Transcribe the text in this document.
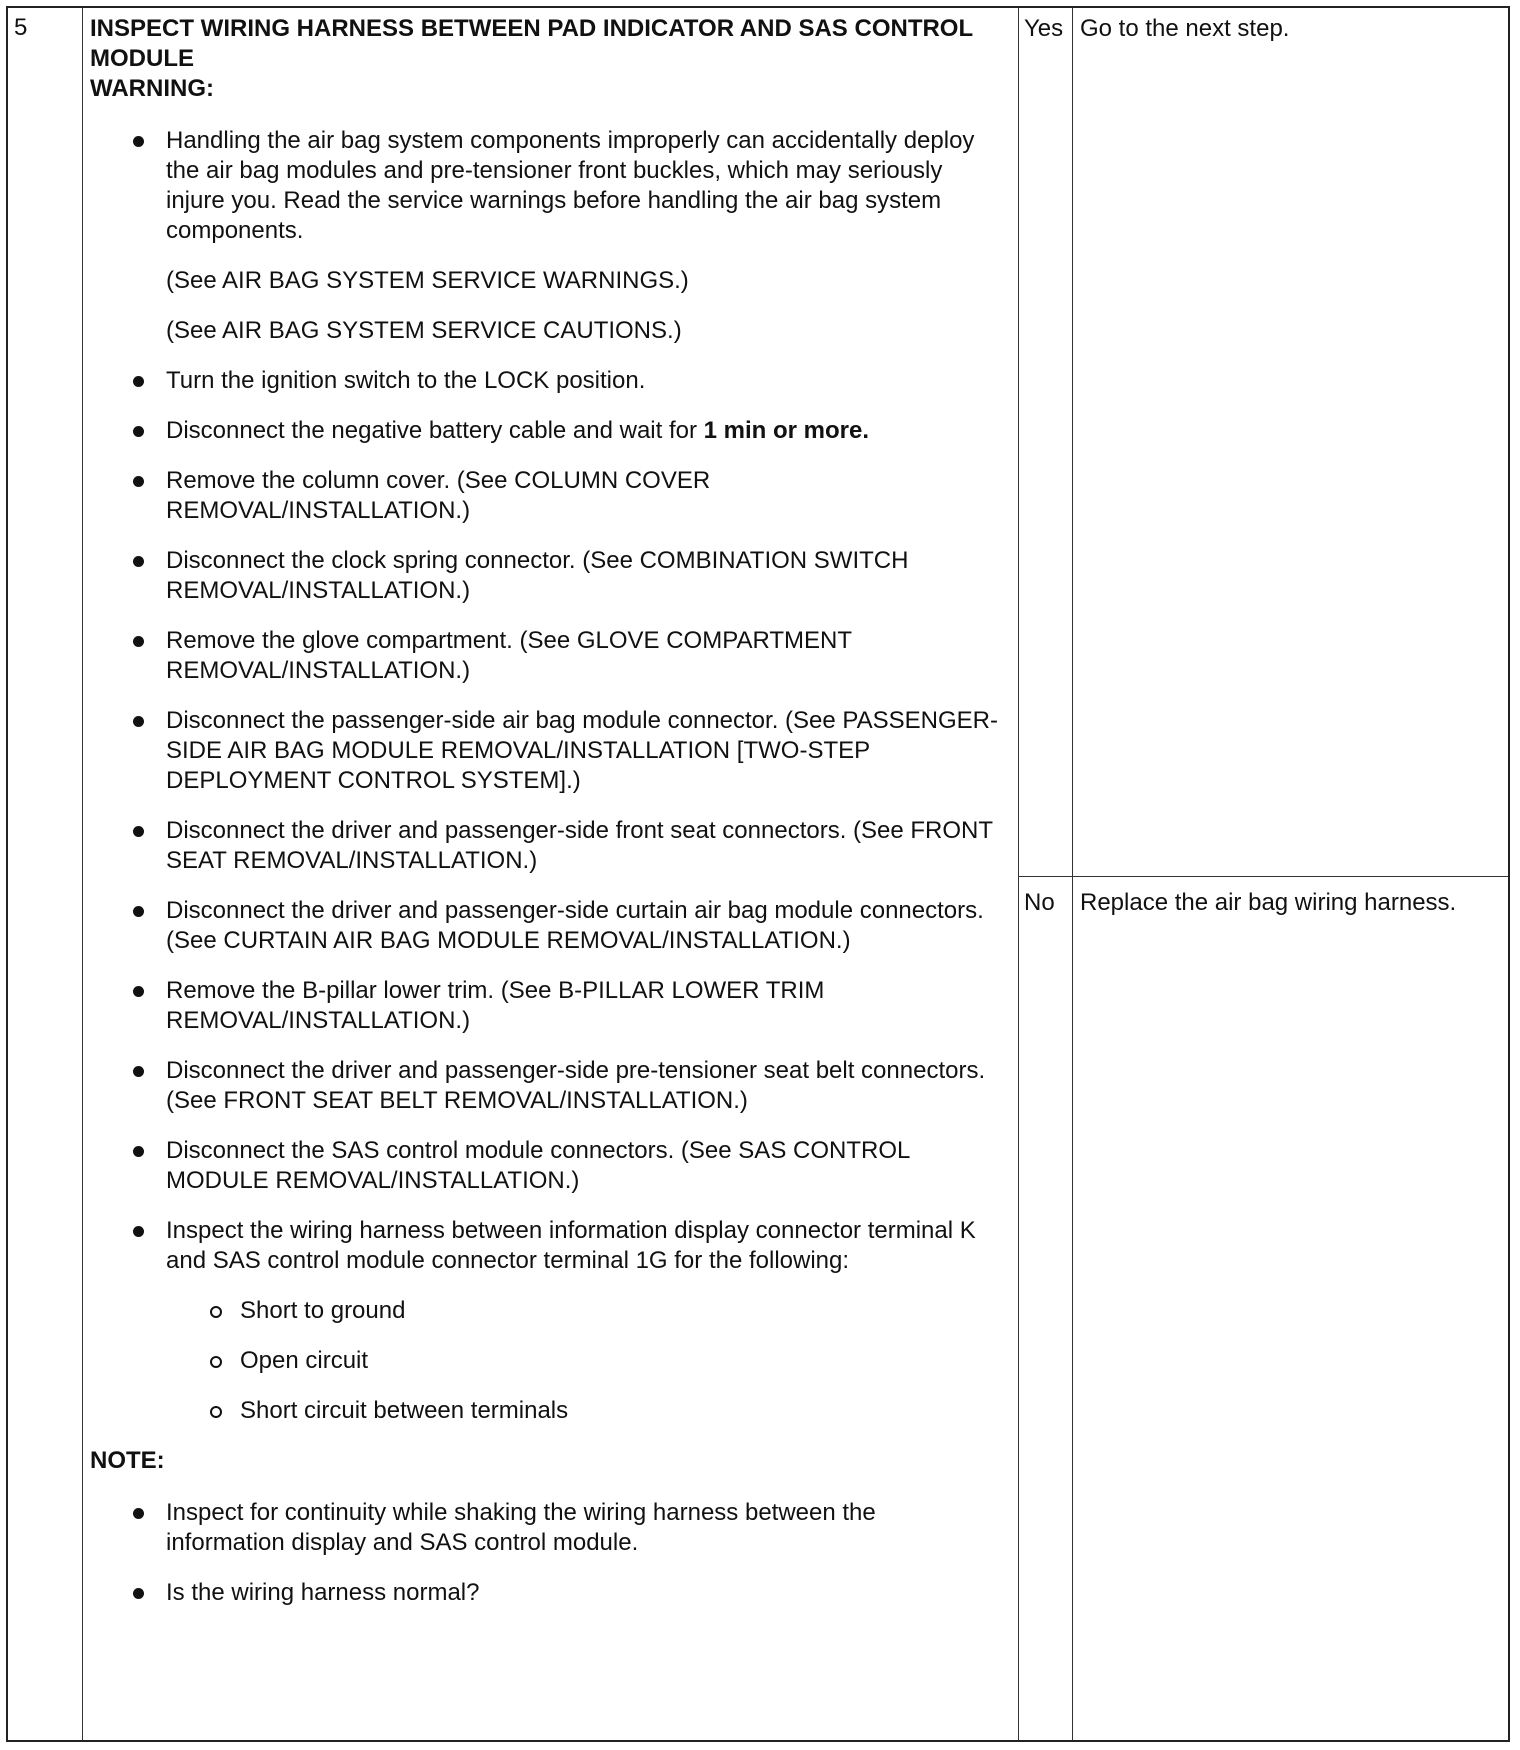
5	INSPECT WIRING HARNESS BETWEEN PAD INDICATOR AND SAS CONTROL MODULE

WARNING:

Handling the air bag system components improperly can accidentally deploy the air bag modules and pre-tensioner front buckles, which may seriously injure you. Read the service warnings before handling the air bag system components.
(See AIR BAG SYSTEM SERVICE WARNINGS.)
(See AIR BAG SYSTEM SERVICE CAUTIONS.)
Turn the ignition switch to the LOCK position.
Disconnect the negative battery cable and wait for 1 min or more.
Remove the column cover. (See COLUMN COVER REMOVAL/INSTALLATION.)
Disconnect the clock spring connector. (See COMBINATION SWITCH REMOVAL/INSTALLATION.)
Remove the glove compartment. (See GLOVE COMPARTMENT REMOVAL/INSTALLATION.)
Disconnect the passenger-side air bag module connector. (See PASSENGER-SIDE AIR BAG MODULE REMOVAL/INSTALLATION [TWO-STEP DEPLOYMENT CONTROL SYSTEM].)
Disconnect the driver and passenger-side front seat connectors. (See FRONT SEAT REMOVAL/INSTALLATION.)
Disconnect the driver and passenger-side curtain air bag module connectors. (See CURTAIN AIR BAG MODULE REMOVAL/INSTALLATION.)
Remove the B-pillar lower trim. (See B-PILLAR LOWER TRIM REMOVAL/INSTALLATION.)
Disconnect the driver and passenger-side pre-tensioner seat belt connectors. (See FRONT SEAT BELT REMOVAL/INSTALLATION.)
Disconnect the SAS control module connectors. (See SAS CONTROL MODULE REMOVAL/INSTALLATION.)
Inspect the wiring harness between information display connector terminal K and SAS control module connector terminal 1G for the following:
Short to ground
Open circuit
Short circuit between terminals

NOTE:

Inspect for continuity while shaking the wiring harness between the information display and SAS control module.
Is the wiring harness normal?
Yes Go to the next step.
No Replace the air bag wiring harness.
